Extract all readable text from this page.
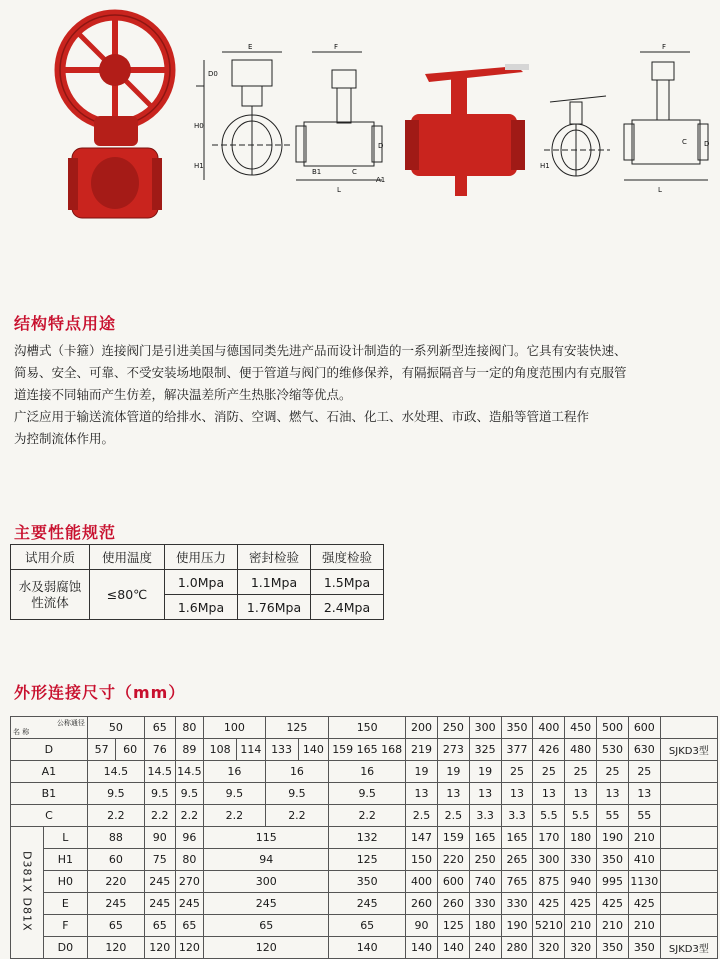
E
D0
H0
H1
F
D
L
B1
A1
C
F
D
C
H1
L
结构特点用途
沟槽式（卡箍）连接阀门是引进美国与德国同类先进产品而设计制造的一系列新型连接阀门。它具有安装快速、
简易、安全、可靠、不受安装场地限制、便于管道与阀门的维修保养，有隔振隔音与一定的角度范围内有克服管
道连接不同轴而产生仿差，解决温差所产生热胀冷缩等优点。
广泛应用于输送流体管道的给排水、消防、空调、燃气、石油、化工、水处理、市政、造船等管道工程作
为控制流体作用。
主要性能规范
试用介质	使用温度	使用压力	密封检验	强度检验
水及弱腐蚀性流体	≤80℃	1.0Mpa	1.1Mpa	1.5Mpa
		1.6Mpa	1.76Mpa	2.4Mpa
外形连接尺寸（mm）
公称通径
名 称		50		65	80	100		125		150	200	250	300	350	400	450	500	600	
D		57	60	76	89	108	114	133	140	159 165 168	219	273	325	377	426	480	530	630	SJKD3型
A1		14.5		14.5	14.5	16		16		16	19	19	19	25	25	25	25	25	
B1		9.5		9.5	9.5	9.5		9.5		9.5	13	13	13	13	13	13	13	13	
C		2.2		2.2	2.2	2.2		2.2		2.2	2.5	2.5	3.3	3.3	5.5	5.5	55	55	
D381X D81X	L	88		90	96	115				132	147	159	165	165	170	180	190	210	
	H1	60		75	80	94				125	150	220	250	265	300	330	350	410	
	H0	220		245	270	300				350	400	600	740	765	875	940	995	1130	
	E	245		245	245	245				245	260	260	330	330	425	425	425	425	
	F	65		65	65	65				65	90	125	180	190	5210	210	210	210	
	D0	120		120	120	120				140	140	140	240	280	320	320	350	350	SJKD3型
